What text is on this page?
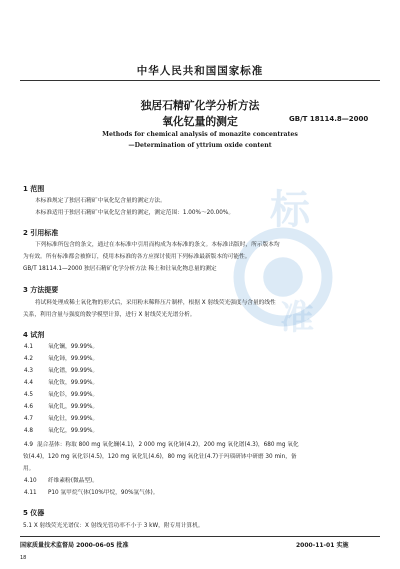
中华人民共和国国家标准
GB/T 18114.8—2000
独居石精矿化学分析方法
氧化钇量的测定
Methods for chemical analysis of monazite concentrates
—Determination of yttrium oxide content
标
准
1 范围
本标准规定了独居石精矿中氧化钇含量的测定方法。
本标准适用于独居石精矿中氧化钇含量的测定，测定范围：1.00%～20.00%。
2 引用标准
下列标准所包含的条文，通过在本标准中引用而构成为本标准的条文。本标准出版时，所示版本均
为有效。所有标准都会被修订，使用本标准的各方应探讨使用下列标准最新版本的可能性。
GB/T 18114.1—2000 独居石精矿化学分析方法 稀土和钍氧化物总量的测定
3 方法提要
将试料处理成稀土氧化物的形式后，采用粉末稀释压片制样，根据 X 射线荧光强度与含量的线性
关系，利用含量与强度的数学模型计算，进行 X 射线荧光光谱分析。
4 试剂
4.1	氧化镧，99.99%。
4.2	氧化铈，99.99%。
4.3	氧化镨，99.99%。
4.4	氧化钕，99.99%。
4.5	氧化钐，99.99%。
4.6	氧化钆，99.99%。
4.7	氧化钍，99.99%。
4.8	氧化钇，99.99%。
4.9 混合基体：称取 800 mg 氧化镧(4.1)，2 000 mg 氧化铈(4.2)，200 mg 氧化镨(4.3)，680 mg 氧化
钕(4.4)，120 mg 氧化钐(4.5)，120 mg 氧化钆(4.6)，80 mg 氧化钍(4.7)于玛瑙研钵中研磨 30 min，备
用。
4.10 纤维素粉(微晶型)。
4.11 P10 氩甲烷气体(10%甲烷，90%氩气体)。
5 仪器
5.1 X 射线荧光光谱仪：X 射线光管功率不小于 3 kW，附专用计算机。
国家质量技术监督局 2000-06-05 批准	2000-11-01 实施
18
